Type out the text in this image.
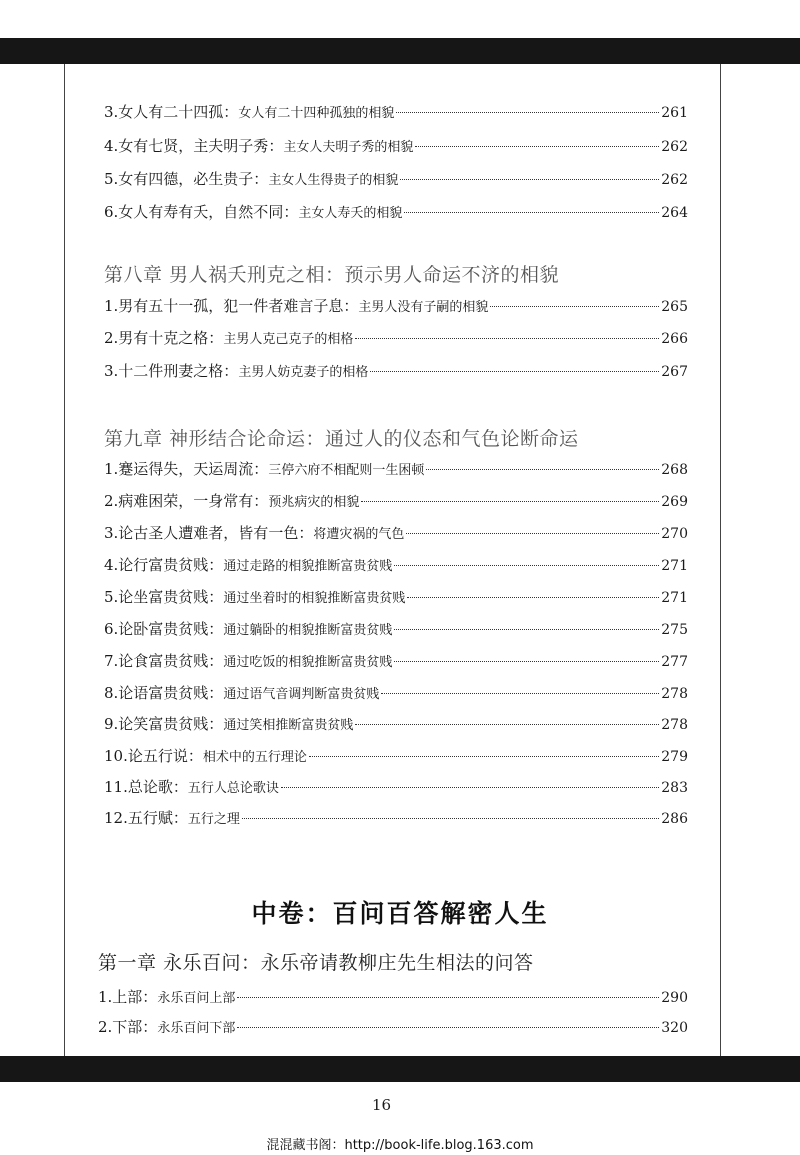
3.女人有二十四孤：女人有二十四种孤独的相貌	261
4.女有七贤，主夫明子秀：主女人夫明子秀的相貌	262
5.女有四德，必生贵子：主女人生得贵子的相貌	262
6.女人有寿有夭，自然不同：主女人寿夭的相貌	264
第八章 男人祸夭刑克之相：预示男人命运不济的相貌
1.男有五十一孤，犯一件者难言子息：主男人没有子嗣的相貌	265
2.男有十克之格：主男人克己克子的相格	266
3.十二件刑妻之格：主男人妨克妻子的相格	267
第九章 神形结合论命运：通过人的仪态和气色论断命运
1.蹇运得失，天运周流：三停六府不相配则一生困顿	268
2.病难困荣，一身常有：预兆病灾的相貌	269
3.论古圣人遭难者，皆有一色：将遭灾祸的气色	270
4.论行富贵贫贱：通过走路的相貌推断富贵贫贱	271
5.论坐富贵贫贱：通过坐着时的相貌推断富贵贫贱	271
6.论卧富贵贫贱：通过躺卧的相貌推断富贵贫贱	275
7.论食富贵贫贱：通过吃饭的相貌推断富贵贫贱	277
8.论语富贵贫贱：通过语气音调判断富贵贫贱	278
9.论笑富贵贫贱：通过笑相推断富贵贫贱	278
10.论五行说：相术中的五行理论	279
11.总论歌：五行人总论歌诀	283
12.五行赋：五行之理	286
中卷：百问百答解密人生
第一章 永乐百问：永乐帝请教柳庄先生相法的问答
1.上部：永乐百问上部	290
2.下部：永乐百问下部	320
16
混混藏书阁：http://book-life.blog.163.com
